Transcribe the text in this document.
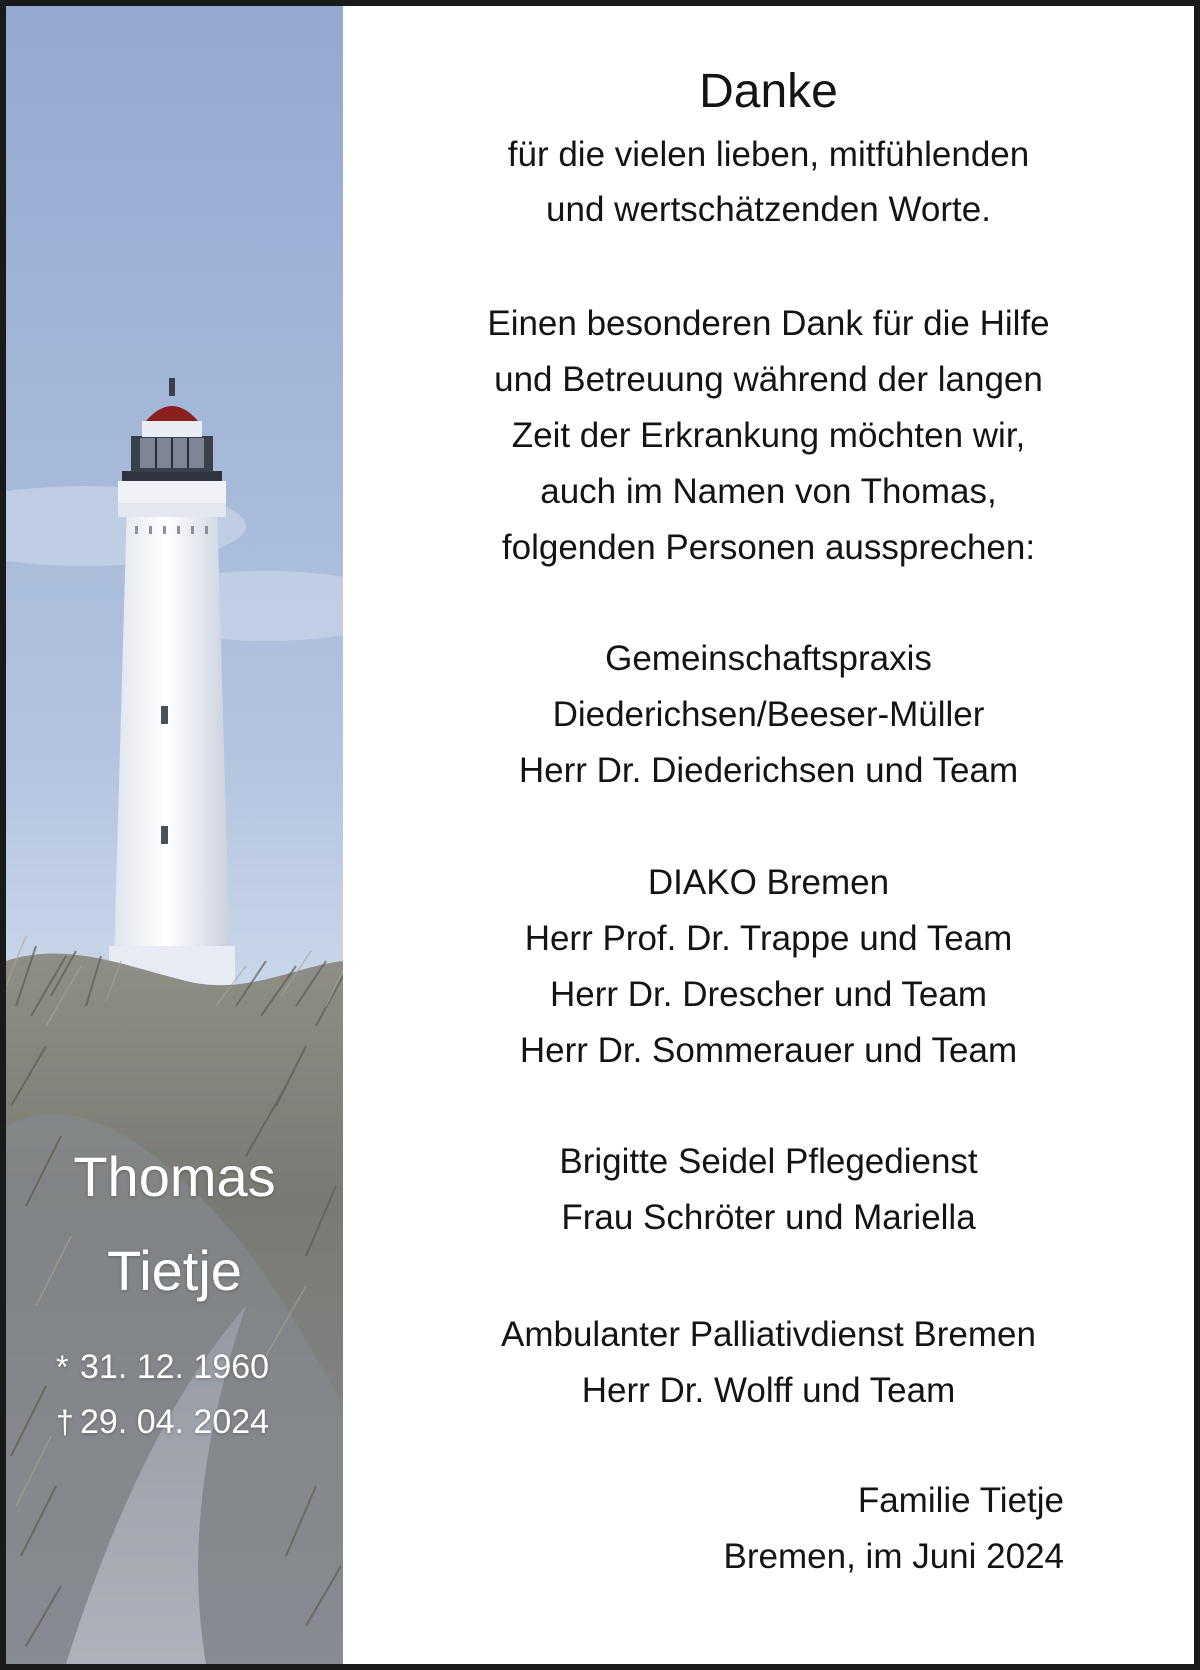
Thomas
Tietje
* 31. 12. 1960
† 29. 04. 2024
Danke
für die vielen lieben, mitfühlenden
und wertschätzenden Worte.
Einen besonderen Dank für die Hilfe
und Betreuung während der langen
Zeit der Erkrankung möchten wir,
auch im Namen von Thomas,
folgenden Personen aussprechen:
Gemeinschaftspraxis
Diederichsen/Beeser-Müller
Herr Dr. Diederichsen und Team
DIAKO Bremen
Herr Prof. Dr. Trappe und Team
Herr Dr. Drescher und Team
Herr Dr. Sommerauer und Team
Brigitte Seidel Pflegedienst
Frau Schröter und Mariella
Ambulanter Palliativdienst Bremen
Herr Dr. Wolff und Team
Familie Tietje
Bremen, im Juni 2024
